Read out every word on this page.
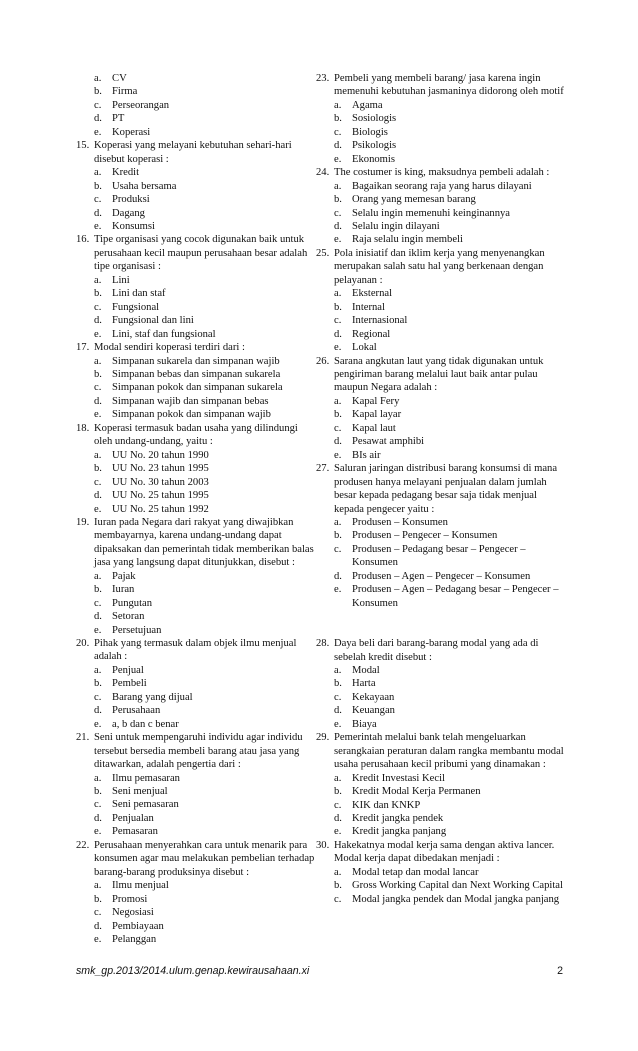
a. CV
b. Firma
c. Perseorangan
d. PT
e. Koperasi
15. Koperasi yang melayani kebutuhan sehari-hari disebut koperasi :
a. Kredit
b. Usaha bersama
c. Produksi
d. Dagang
e. Konsumsi
16. Tipe organisasi yang cocok digunakan baik untuk perusahaan kecil maupun perusahaan besar adalah tipe organisasi :
a. Lini
b. Lini dan staf
c. Fungsional
d. Fungsional dan lini
e. Lini, staf dan fungsional
17. Modal sendiri koperasi terdiri dari :
a. Simpanan sukarela dan simpanan wajib
b. Simpanan bebas dan simpanan sukarela
c. Simpanan pokok dan simpanan sukarela
d. Simpanan wajib dan simpanan bebas
e. Simpanan pokok dan simpanan wajib
18. Koperasi termasuk badan usaha yang dilindungi oleh undang-undang, yaitu :
a. UU No. 20 tahun 1990
b. UU No. 23 tahun 1995
c. UU No. 30 tahun 2003
d. UU No. 25 tahun 1995
e. UU No. 25 tahun 1992
19. Iuran pada Negara dari rakyat yang diwajibkan membayarnya, karena undang-undang dapat dipaksakan dan pemerintah tidak memberikan balas jasa yang langsung dapat ditunjukkan, disebut :
a. Pajak
b. Iuran
c. Pungutan
d. Setoran
e. Persetujuan
20. Pihak yang termasuk dalam objek ilmu menjual adalah :
a. Penjual
b. Pembeli
c. Barang yang dijual
d. Perusahaan
e. a, b dan c benar
21. Seni untuk mempengaruhi individu agar individu tersebut bersedia membeli barang atau jasa yang ditawarkan, adalah pengertia dari :
a. Ilmu pemasaran
b. Seni menjual
c. Seni pemasaran
d. Penjualan
e. Pemasaran
22. Perusahaan menyerahkan cara untuk menarik para konsumen agar mau melakukan pembelian terhadap barang-barang produksinya disebut :
a. Ilmu menjual
b. Promosi
c. Negosiasi
d. Pembiayaan
e. Pelanggan
23. Pembeli yang membeli barang/ jasa karena ingin memenuhi kebutuhan jasmaninya didorong oleh motif
a. Agama
b. Sosiologis
c. Biologis
d. Psikologis
e. Ekonomis
24. The costumer is king, maksudnya pembeli adalah :
a. Bagaikan seorang raja yang harus dilayani
b. Orang yang memesan barang
c. Selalu ingin memenuhi keinginannya
d. Selalu ingin dilayani
e. Raja selalu ingin membeli
25. Pola inisiatif dan iklim kerja yang menyenangkan merupakan salah satu hal yang berkenaan dengan pelayanan :
a. Eksternal
b. Internal
c. Internasional
d. Regional
e. Lokal
26. Sarana angkutan laut yang tidak digunakan untuk pengiriman barang melalui laut baik antar pulau maupun Negara adalah :
a. Kapal Fery
b. Kapal layar
c. Kapal laut
d. Pesawat amphibi
e. BIs air
27. Saluran jaringan distribusi barang konsumsi di mana produsen hanya melayani penjualan dalam jumlah besar kepada pedagang besar saja tidak menjual kepada pengecer yaitu :
a. Produsen – Konsumen
b. Produsen – Pengecer – Konsumen
c. Produsen – Pedagang besar – Pengecer – Konsumen
d. Produsen – Agen – Pengecer – Konsumen
e. Produsen – Agen – Pedagang besar – Pengecer – Konsumen
28. Daya beli dari barang-barang modal yang ada di sebelah kredit disebut :
a. Modal
b. Harta
c. Kekayaan
d. Keuangan
e. Biaya
29. Pemerintah melalui bank telah mengeluarkan serangkaian peraturan dalam rangka membantu modal usaha perusahaan kecil pribumi yang dinamakan :
a. Kredit Investasi Kecil
b. Kredit Modal Kerja Permanen
c. KIK dan KNKP
d. Kredit jangka pendek
e. Kredit jangka panjang
30. Hakekatnya modal kerja sama dengan aktiva lancer. Modal kerja dapat dibedakan menjadi :
a. Modal tetap dan modal lancar
b. Gross Working Capital dan Next Working Capital
c. Modal jangka pendek dan Modal jangka panjang
smk_gp.2013/2014.ulum.genap.kewirausahaan.xi	2
